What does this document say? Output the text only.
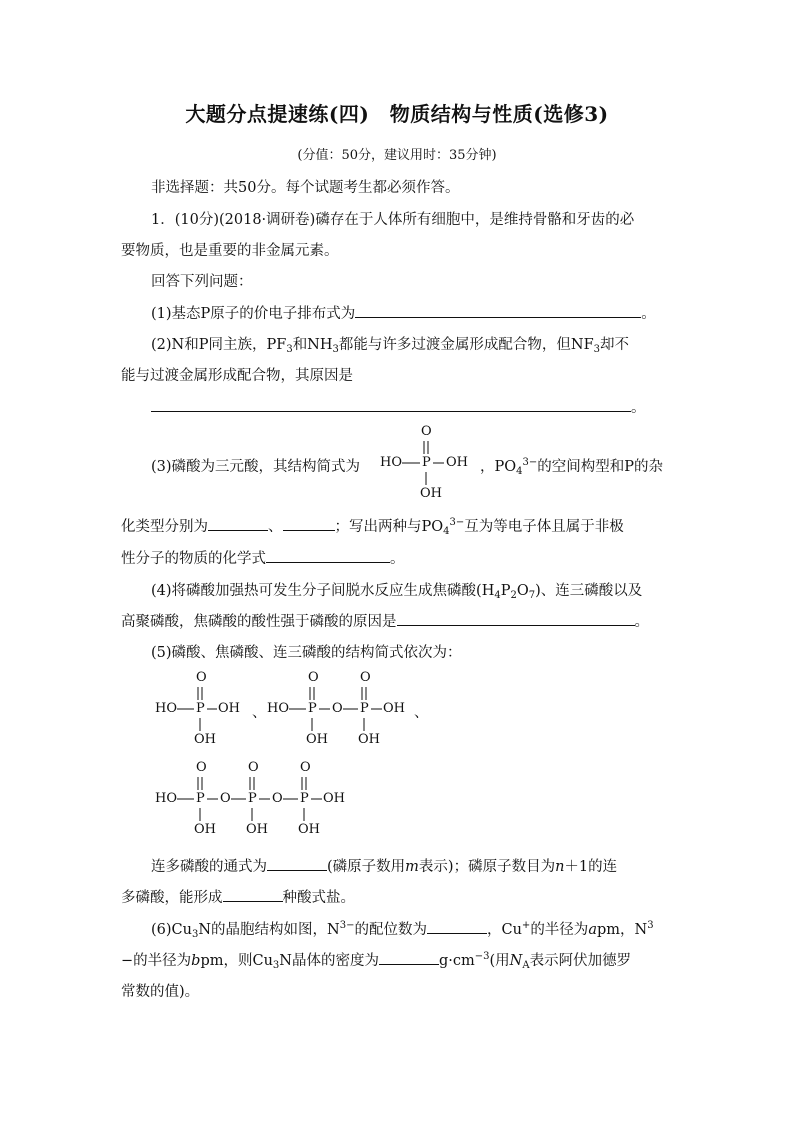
大题分点提速练(四)　物质结构与性质(选修3)
(分值：50分，建议用时：35分钟)
非选择题：共50分。每个试题考生都必须作答。
1．(10分)(2018·调研卷)磷存在于人体所有细胞中，是维持骨骼和牙齿的必
要物质，也是重要的非金属元素。
回答下列问题：
(1)基态P原子的价电子排布式为	。
(2)N和P同主族，$PF_3$和$NH_3$都能与许多过渡金属形成配合物，但$NF_3$却不
能与过渡金属形成配合物，其原因是
。
(3)磷酸为三元酸，其结构简式为
O
P
HO	OH
OH
，$PO_4^{3-}$的空间构型和P的杂
化类型分别为	、	；写出两种与$PO_4^{3-}$互为等电子体且属于非极
性分子的物质的化学式	。
(4)将磷酸加强热可发生分子间脱水反应生成焦磷酸$(H_4P_2O_7)$、连三磷酸以及
高聚磷酸，焦磷酸的酸性强于磷酸的原因是	。
(5)磷酸、焦磷酸、连三磷酸的结构简式依次为：
O
P
HO	OH
OH
、
O	O
HO P O P OH
OH OH
、
O	O	O
HO P O P O P OH
OH OH OH
连多磷酸的通式为	(磷原子数用m表示)；磷原子数目为n＋1的连
多磷酸，能形成	种酸式盐。
$(6)Cu_3N$的晶胞结构如图，$N^{3-}$的配位数为	，Cu+的半径为apm，$N^3$
−的半径为bpm，则$Cu_3N$晶体的密度为	$g\cdot cm^{-3}$(用$N_A$表示阿伏加德罗
常数的值)。
